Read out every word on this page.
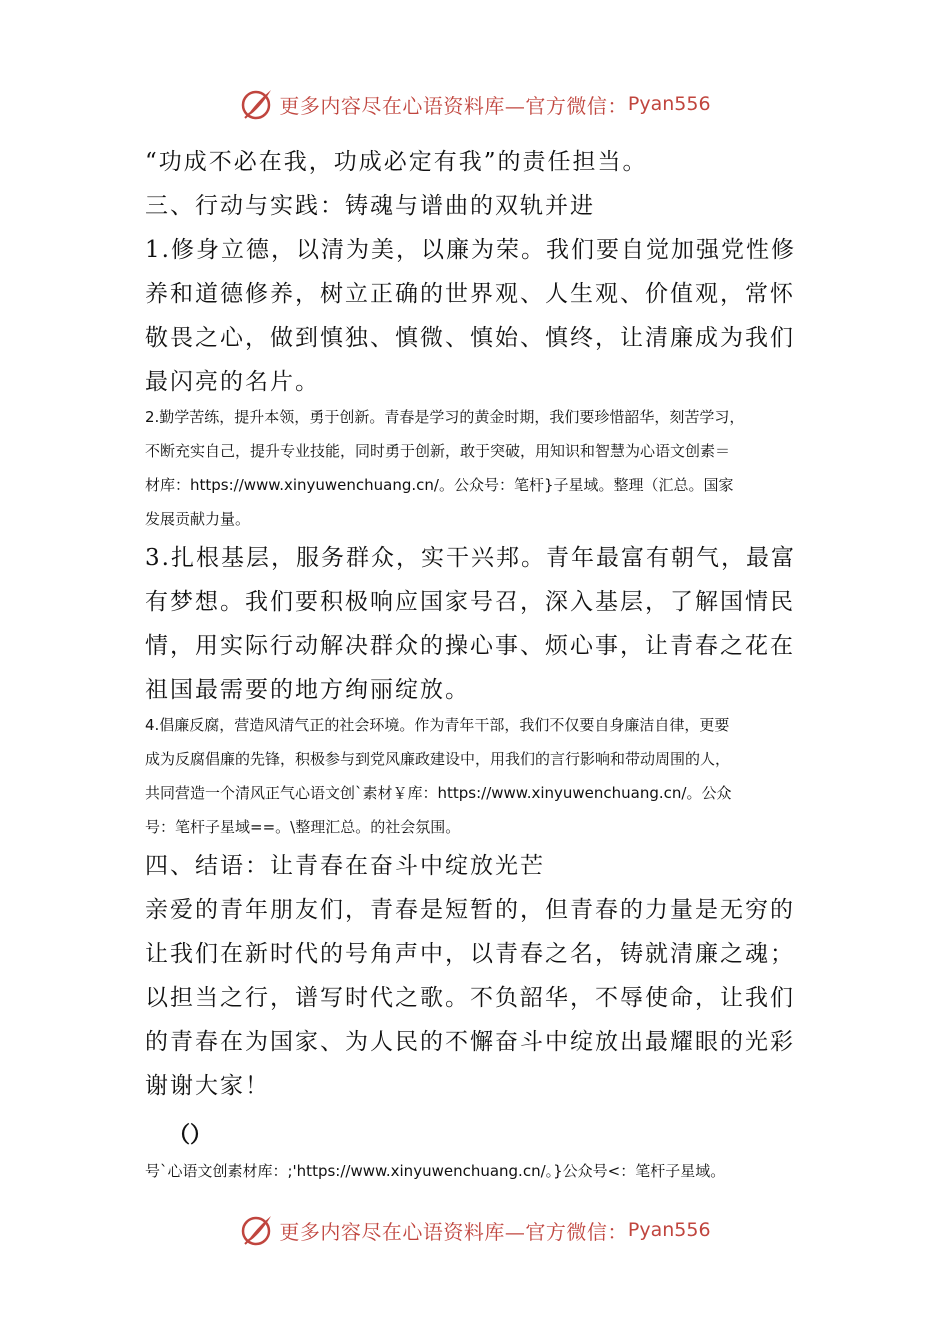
更多内容尽在心语资料库—官方微信： Pyan556
“功成不必在我，功成必定有我”的责任担当。
三、行动与实践：铸魂与谱曲的双轨并进
1.修身立德，以清为美，以廉为荣。我们要自觉加强党性修
养和道德修养，树立正确的世界观、人生观、价值观，常怀
敬畏之心，做到慎独、慎微、慎始、慎终，让清廉成为我们
最闪亮的名片。
2.勤学苦练，提升本领，勇于创新。青春是学习的黄金时期，我们要珍惜韶华，刻苦学习，
不断充实自己，提升专业技能，同时勇于创新，敢于突破，用知识和智慧为心语文创素＝
材库：https://www.xinyuwenchuang.cn/。公众号：笔杆}子星域。整理（汇总。国家
发展贡献力量。
3.扎根基层，服务群众，实干兴邦。青年最富有朝气，最富
有梦想。我们要积极响应国家号召，深入基层，了解国情民
情，用实际行动解决群众的操心事、烦心事，让青春之花在
祖国最需要的地方绚丽绽放。
4.倡廉反腐，营造风清气正的社会环境。作为青年干部，我们不仅要自身廉洁自律，更要
成为反腐倡廉的先锋，积极参与到党风廉政建设中，用我们的言行影响和带动周围的人，
共同营造一个清风正气心语文创`素材￥库：https://www.xinyuwenchuang.cn/。公众
号：笔杆子星域==。\整理汇总。的社会氛围。
四、结语：让青春在奋斗中绽放光芒
亲爱的青年朋友们，青春是短暂的，但青春的力量是无穷的
让我们在新时代的号角声中，以青春之名，铸就清廉之魂；
以担当之行，谱写时代之歌。不负韶华，不辱使命，让我们
的青春在为国家、为人民的不懈奋斗中绽放出最耀眼的光彩
谢谢大家！
（）
号`心语文创素材库：;'https://www.xinyuwenchuang.cn/。}公众号<：笔杆子星域。
更多内容尽在心语资料库—官方微信： Pyan556
